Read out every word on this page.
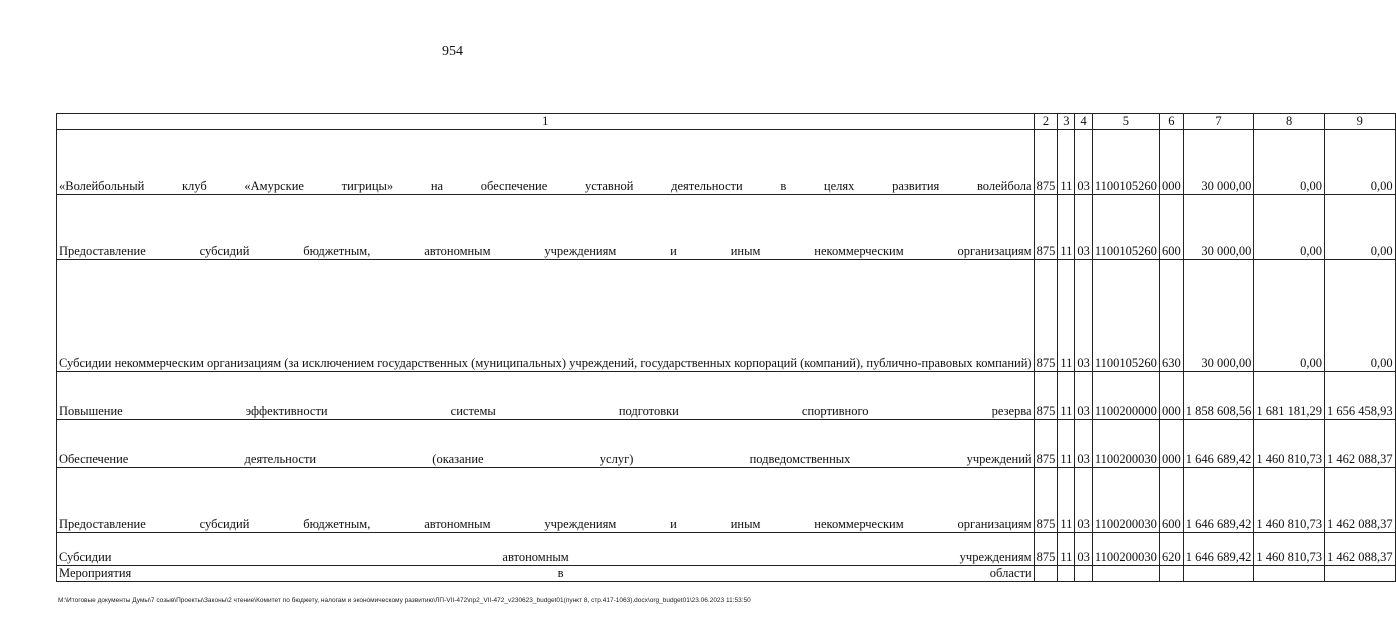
954
1	2	3	4	5	6	7	8	9
«Волейбольный клуб «Амурские тигрицы» на обеспечение уставной деятельности в целях развития волейбола	875	11	03	1100105260	000	30 000,00	0,00	0,00
Предоставление субсидий бюджетным, автономным учреждениям и иным некоммерческим организациям	875	11	03	1100105260	600	30 000,00	0,00	0,00
Субсидии некоммерческим организациям (за исключением государственных (муниципальных) учреждений, государственных корпораций (компаний), публично-правовых компаний)	875	11	03	1100105260	630	30 000,00	0,00	0,00
Повышение эффективности системы подготовки спортивного резерва	875	11	03	1100200000	000	1 858 608,56	1 681 181,29	1 656 458,93
Обеспечение деятельности (оказание услуг) подведомственных учреждений	875	11	03	1100200030	000	1 646 689,42	1 460 810,73	1 462 088,37
Предоставление субсидий бюджетным, автономным учреждениям и иным некоммерческим организациям	875	11	03	1100200030	600	1 646 689,42	1 460 810,73	1 462 088,37
Субсидии автономным учреждениям	875	11	03	1100200030	620	1 646 689,42	1 460 810,73	1 462 088,37
Мероприятия в области								
M:\Итоговые документы Думы\7 созыв\Проекты\Законы\2 чтение\Комитет по бюджету, налогам и экономическому развитию\ЛП-VII-472\пр2_VII-472_v230623_budget01(пункт 8, стр.417-1063).docx\org_budget01\23.06.2023 11:53:50
